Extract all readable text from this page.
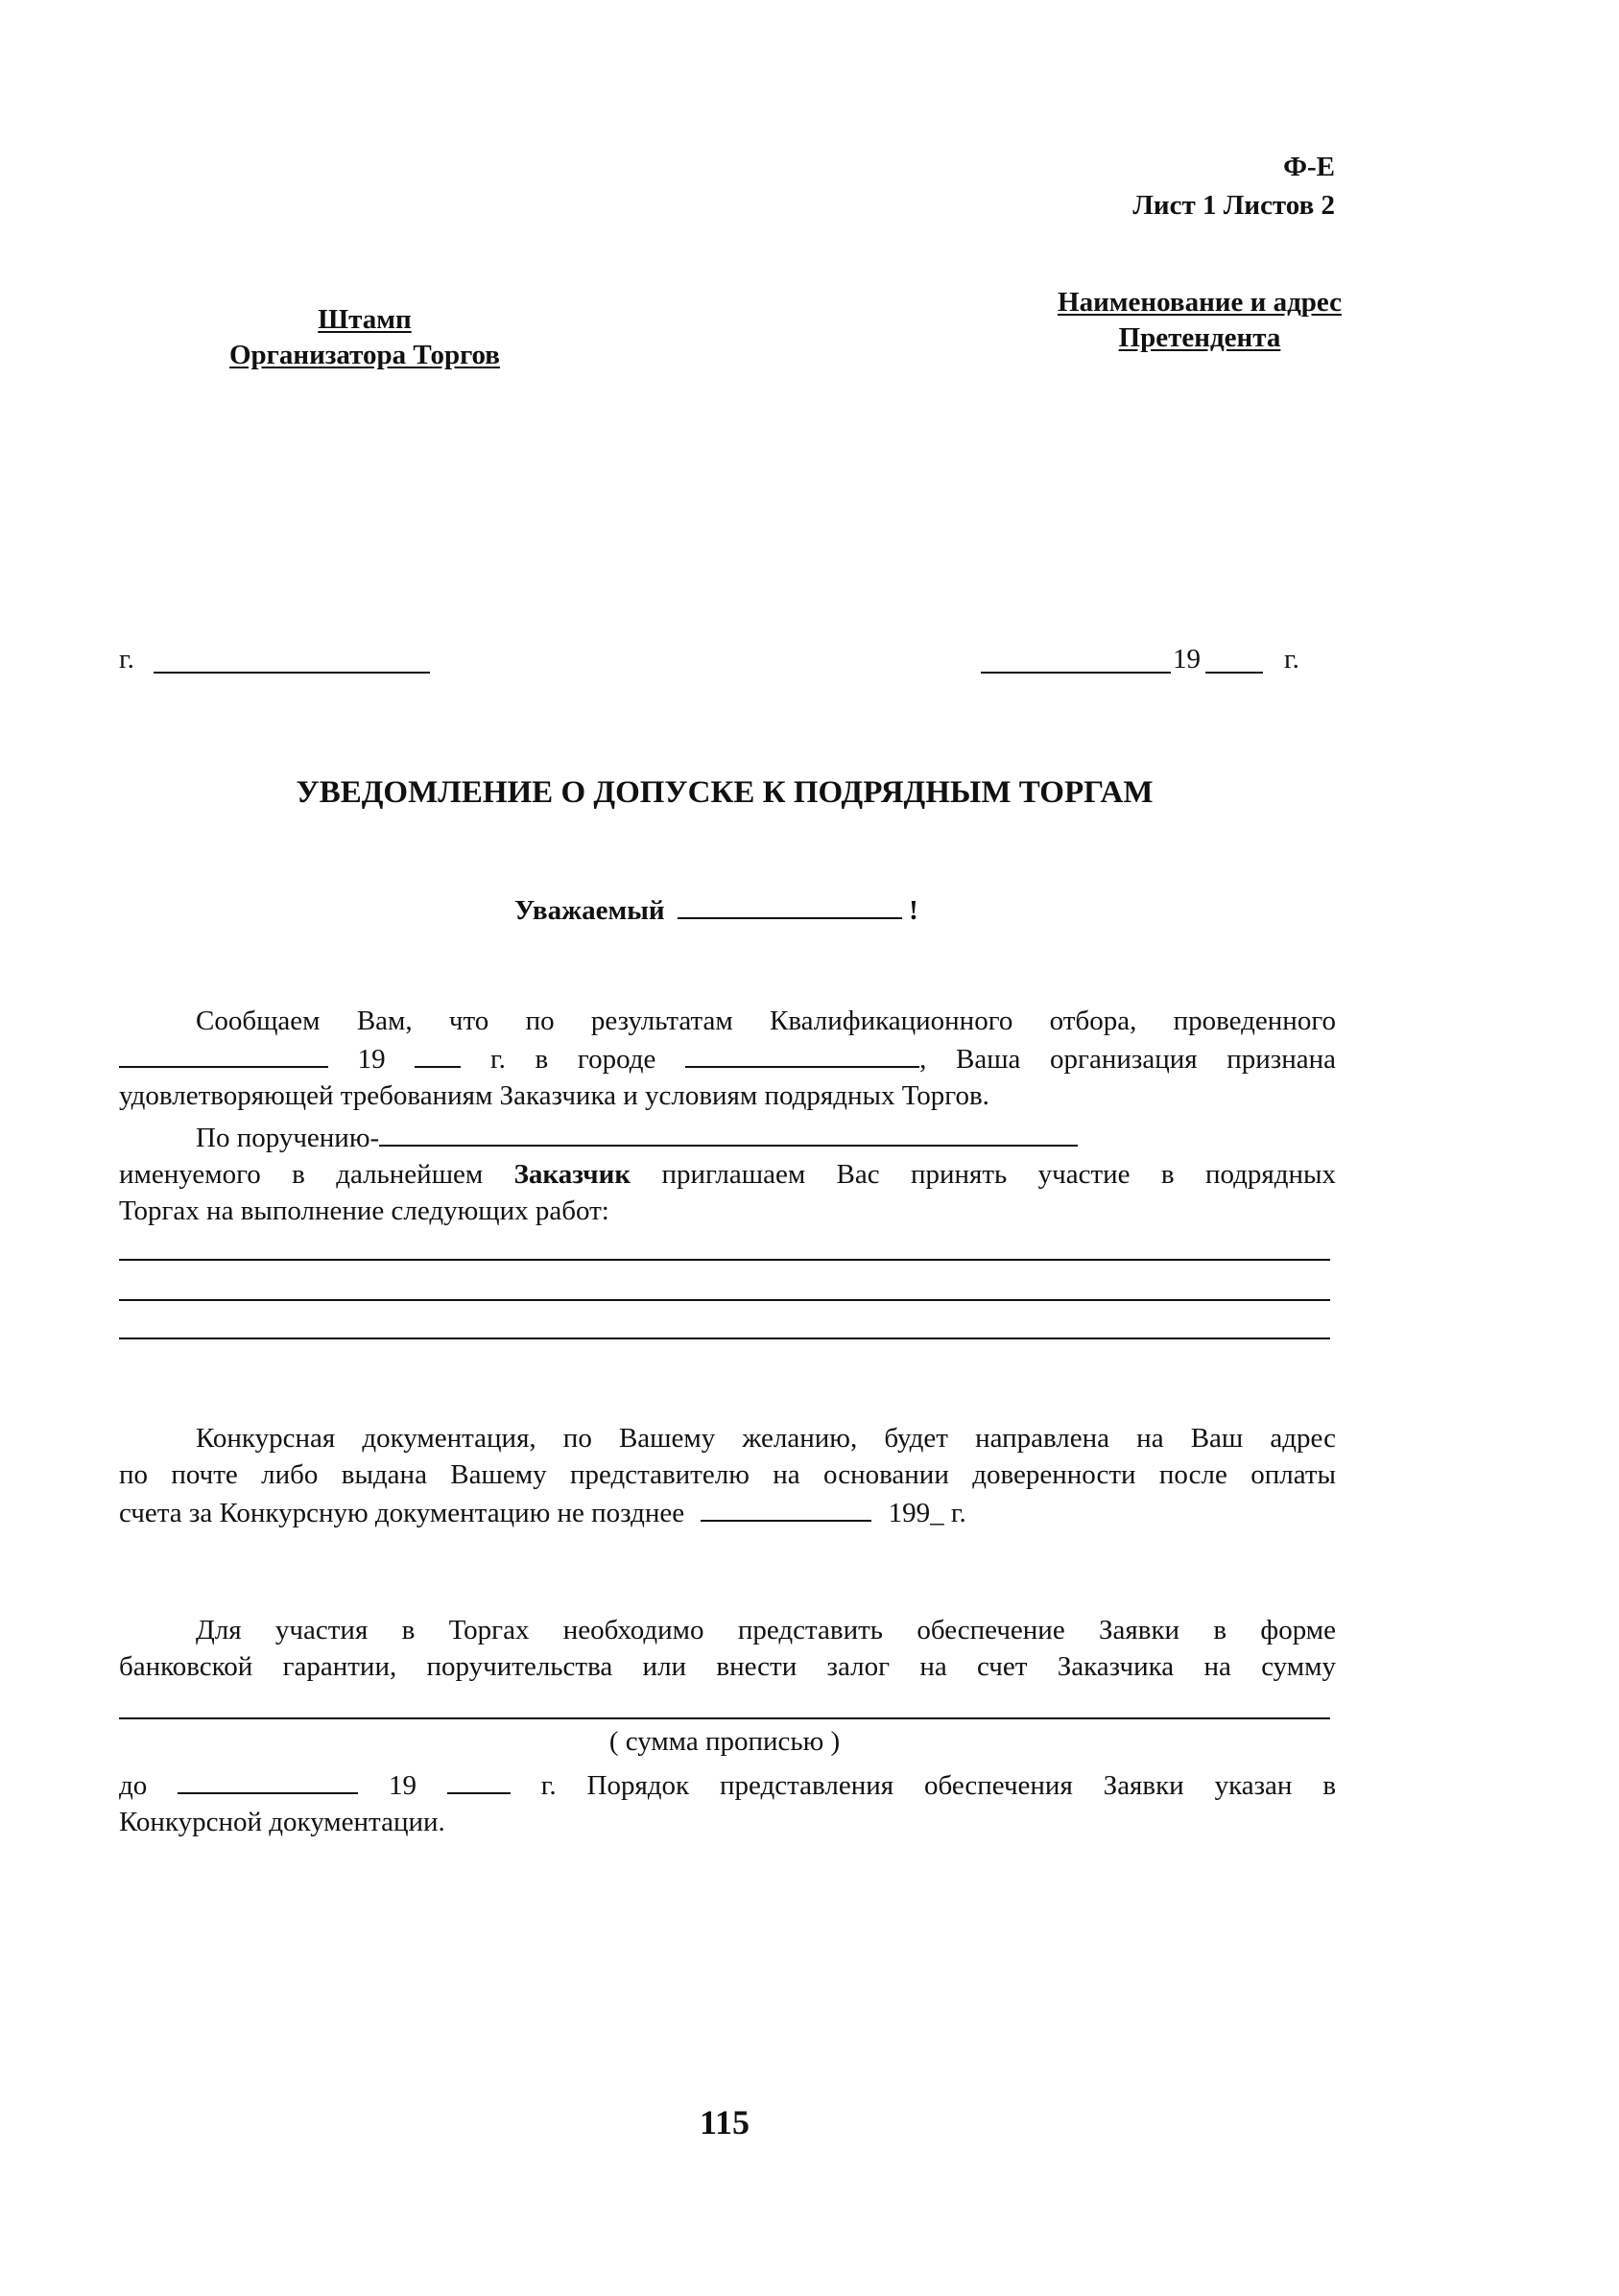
Ф-Е
Лист 1 Листов 2
Штамп
Организатора Торгов
Наименование и адрес
Претендента
г.	19	г.
УВЕДОМЛЕНИЕ О ДОПУСКЕ К ПОДРЯДНЫМ ТОРГАМ
Уважаемый	!
Сообщаем Вам, что по результатам Квалификационного отбора, проведенного
19	г. в городе	, Ваша организация признана
удовлетворяющей требованиям Заказчика и условиям подрядных Торгов.
По поручению-
именуемого в дальнейшем Заказчик приглашаем Вас принять участие в подрядных
Торгах на выполнение следующих работ:
Конкурсная документация, по Вашему желанию, будет направлена на Ваш адрес
по почте либо выдана Вашему представителю на основании доверенности после оплаты
счета за Конкурсную документацию не позднее	199_ г.
Для участия в Торгах необходимо представить обеспечение Заявки в форме
банковской гарантии, поручительства или внести залог на счет Заказчика на сумму
( сумма прописью )
до	19	г. Порядок представления обеспечения Заявки указан в
Конкурсной документации.
115
